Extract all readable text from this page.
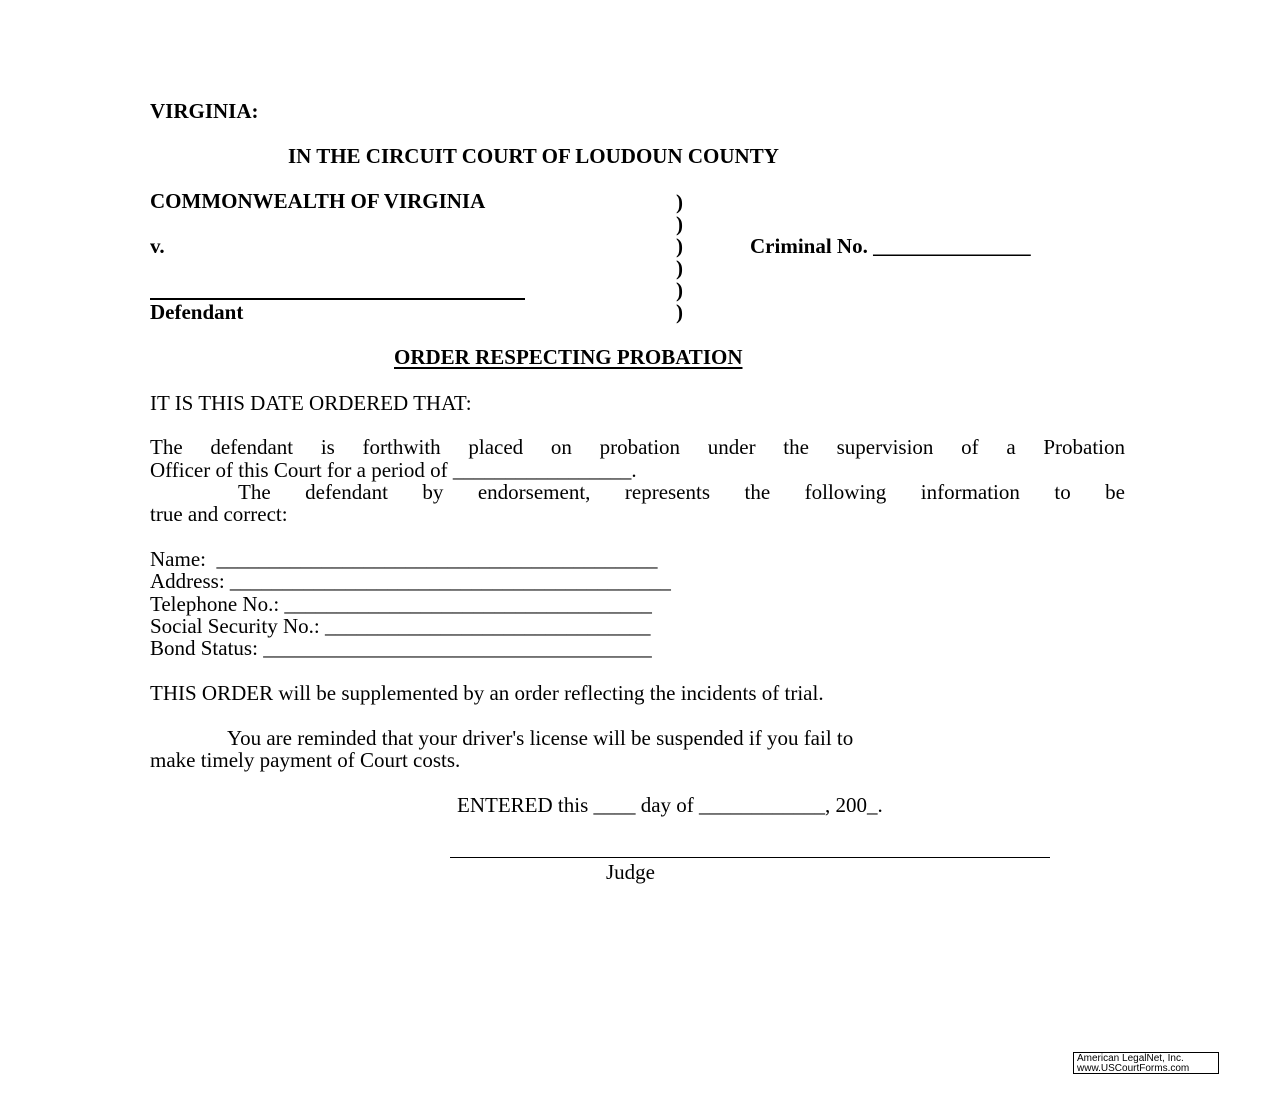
VIRGINIA:
IN THE CIRCUIT COURT OF LOUDOUN COUNTY
COMMONWEALTH OF VIRGINIA
v.
Defendant
)
)
)
)
)
)
Criminal No. _______________
ORDER RESPECTING PROBATION
IT IS THIS DATE ORDERED THAT:
The defendant is forthwith placed on probation under the supervision of a Probation
Officer of this Court for a period of _________________.
The defendant by endorsement, represents the following information to be
true and correct:
Name:  __________________________________________
Address: __________________________________________
Telephone No.: ___________________________________
Social Security No.: _______________________________
Bond Status: _____________________________________
THIS ORDER will be supplemented by an order reflecting the incidents of trial.
You are reminded that your driver's license will be suspended if you fail to
make timely payment of Court costs.
ENTERED this ____ day of ____________, 200_.
Judge
American LegalNet, Inc.
www.USCourtForms.com
